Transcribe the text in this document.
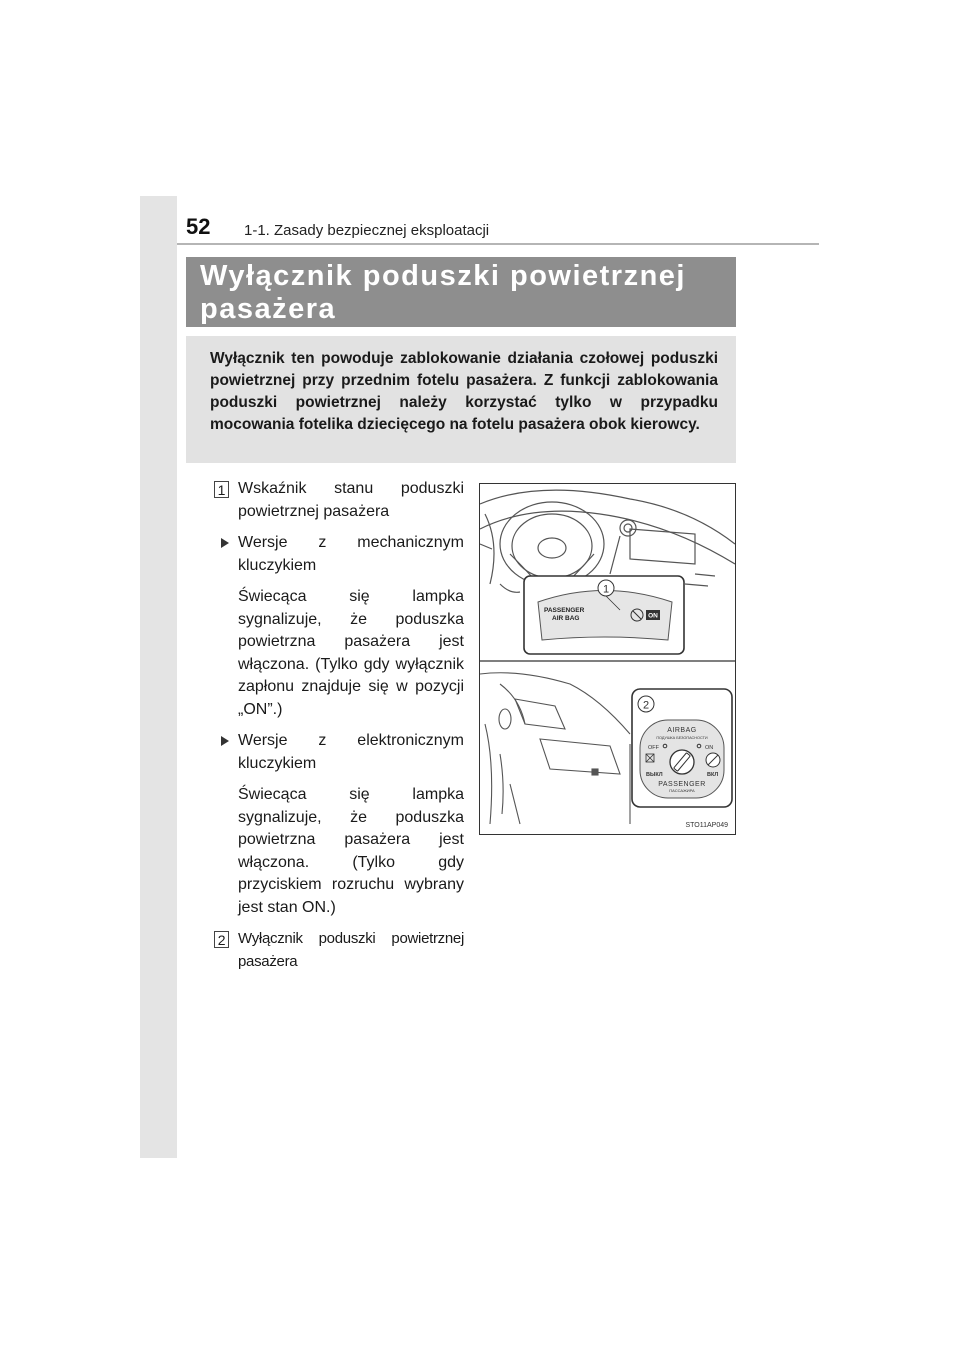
52 1-1. Zasady bezpiecznej eksploatacji
Wyłącznik poduszki powietrznej pasażera

Wyłącznik ten powoduje zablokowanie działania czołowej poduszki powietrznej przy przednim fotelu pasażera. Z funkcji zablokowania poduszki powietrznej należy korzystać tylko w przypadku mocowania fotelika dziecięcego na fotelu pasażera obok kierowcy.

1 Wskaźnik stanu poduszki powietrznej pasażera
Wersje z mechanicznym kluczykiem
Świecąca się lampka sygnalizuje, że poduszka powietrzna pasażera jest włączona. (Tylko gdy wyłącznik zapłonu znajduje się w pozycji „ON”.)
Wersje z elektronicznym kluczykiem
Świecąca się lampka sygnalizuje, że poduszka powietrzna pasażera jest włączona. (Tylko gdy przyciskiem rozruchu wybrany jest stan ON.)
2 Wyłącznik poduszki powietrznej pasażera
1
PASSENGER
AIR BAG	ON
2
AIRBAG
ПОДУШКА БЕЗОПАСНОСТИ
OFF	ON
ВЫКЛ	ВКЛ
PASSENGER
ПАССАЖИРА
STO11AP049
